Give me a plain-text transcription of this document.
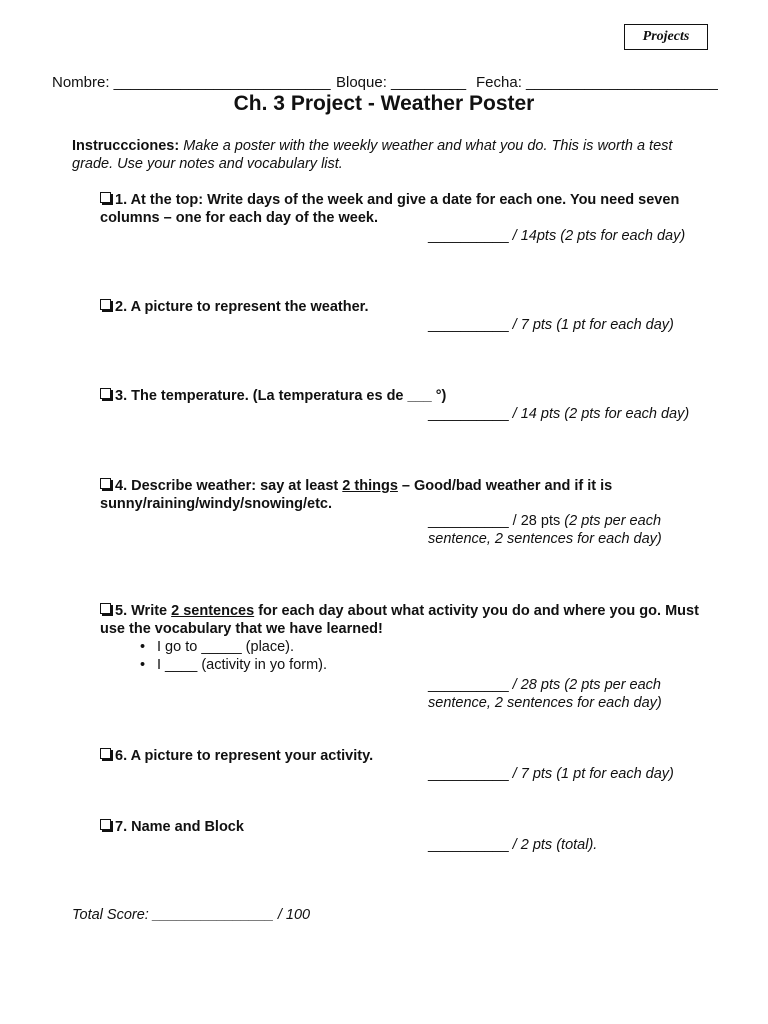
Projects
Nombre: __________________________ Bloque: _________ Fecha: _______________________
Ch. 3 Project - Weather Poster
Instruccciones: Make a poster with the weekly weather and what you do. This is worth a test grade. Use your notes and vocabulary list.
1. At the top: Write days of the week and give a date for each one. You need seven columns – one for each day of the week.
__________ / 14pts (2 pts for each day)
2. A picture to represent the weather.
__________ / 7 pts (1 pt for each day)
3. The temperature. (La temperatura es de ___ °)
__________ / 14 pts (2 pts for each day)
4. Describe weather: say at least 2 things – Good/bad weather and if it is sunny/raining/windy/snowing/etc.
__________ / 28 pts (2 pts per each sentence, 2 sentences for each day)
5. Write 2 sentences for each day about what activity you do and where you go. Must use the vocabulary that we have learned!
• I go to _____ (place).
• I ____ (activity in yo form).
__________ / 28 pts (2 pts per each sentence, 2 sentences for each day)
6. A picture to represent your activity.
__________ / 7 pts (1 pt for each day)
7. Name and Block
__________ / 2 pts (total).
Total Score: _______________ / 100
